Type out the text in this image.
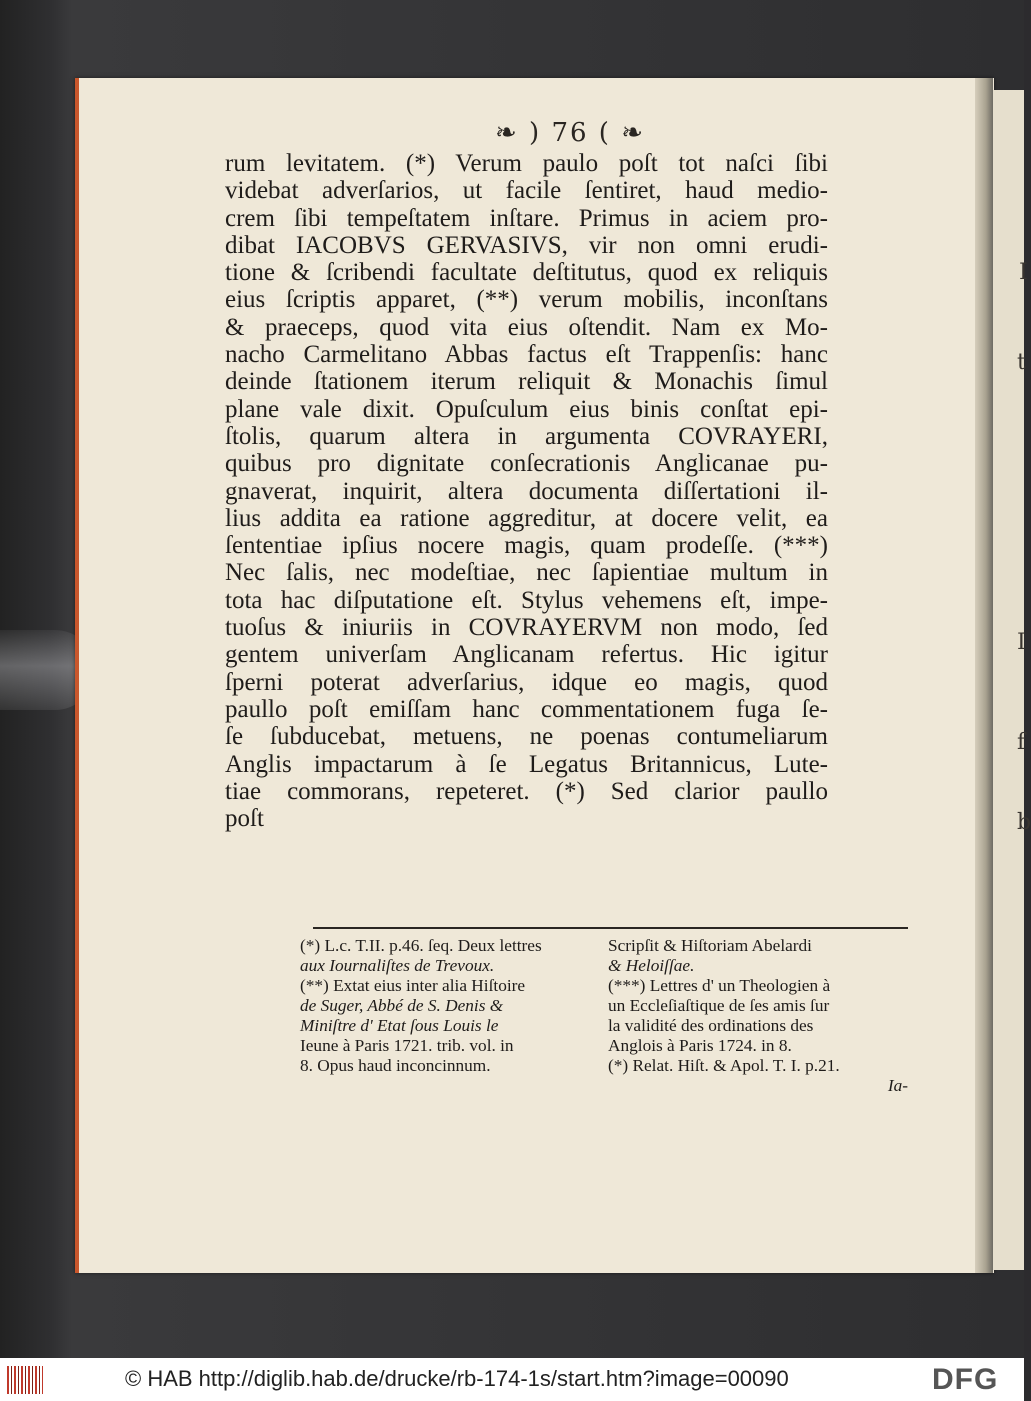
I
t
I
f
b
❧ ) 76 ( ❧
rum levitatem. (*) Verum paulo poſt tot naſci ſibi
videbat adverſarios, ut facile ſentiret, haud medio-
crem ſibi tempeſtatem inſtare. Primus in aciem pro-
dibat IACOBVS GERVASIVS, vir non omni erudi-
tione & ſcribendi facultate deſtitutus, quod ex reliquis
eius ſcriptis apparet, (**) verum mobilis, inconſtans
& praeceps, quod vita eius oſtendit. Nam ex Mo-
nacho Carmelitano Abbas factus eſt Trappenſis: hanc
deinde ſtationem iterum reliquit & Monachis ſimul
plane vale dixit. Opuſculum eius binis conſtat epi-
ſtolis, quarum altera in argumenta COVRAYERI,
quibus pro dignitate conſecrationis Anglicanae pu-
gnaverat, inquirit, altera documenta diſſertationi il-
lius addita ea ratione aggreditur, at docere velit, ea
ſententiae ipſius nocere magis, quam prodeſſe. (***)
Nec ſalis, nec modeſtiae, nec ſapientiae multum in
tota hac diſputatione eſt. Stylus vehemens eſt, impe-
tuoſus & iniuriis in COVRAYERVM non modo, ſed
gentem univerſam Anglicanam refertus. Hic igitur
ſperni poterat adverſarius, idque eo magis, quod
paullo poſt emiſſam hanc commentationem fuga ſe-
ſe ſubducebat, metuens, ne poenas contumeliarum
Anglis impactarum à ſe Legatus Britannicus, Lute-
tiae commorans, repeteret. (*) Sed clarior paullo
poſt
(*) L.c. T.II. p.46. ſeq. Deux lettres
aux Iournaliſtes de Trevoux.
(**) Extat eius inter alia Hiſtoire
de Suger, Abbé de S. Denis &
Miniſtre d' Etat ſous Louis le
Ieune à Paris 1721. trib. vol. in
8. Opus haud inconcinnum.
Scripſit & Hiſtoriam Abelardi
& Heloiſſae.
(***) Lettres d' un Theologien à
un Eccleſiaſtique de ſes amis ſur
la validité des ordinations des
Anglois à Paris 1724. in 8.
(*) Relat. Hiſt. & Apol. T. I. p.21.
Ia-
© HAB http://diglib.hab.de/drucke/rb-174-1s/start.htm?image=00090	DFG
